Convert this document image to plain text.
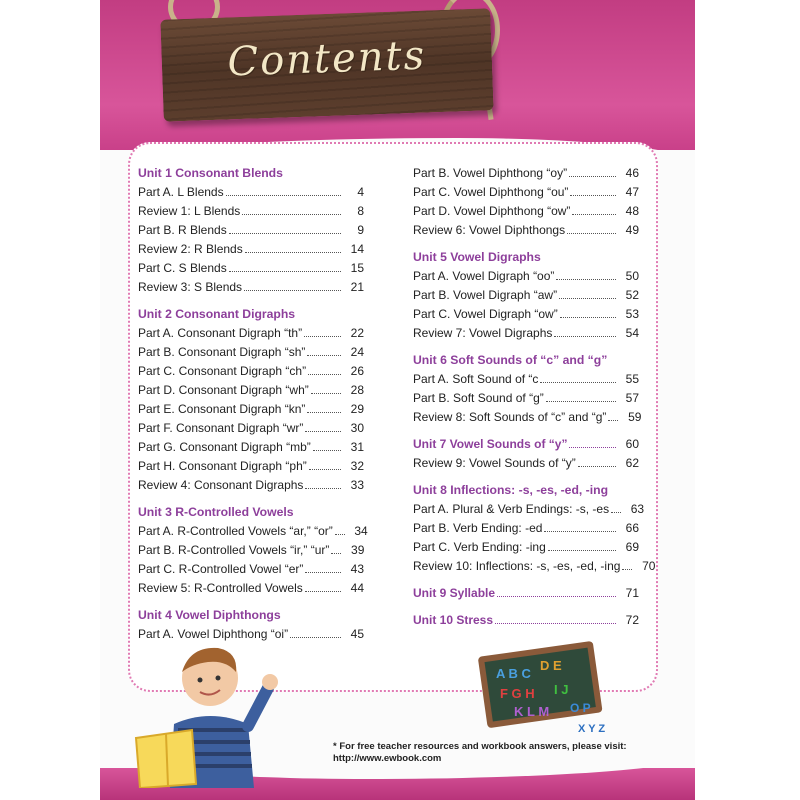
Contents
Unit 1 Consonant Blends
Part A. L Blends	4
Review 1: L Blends	8
Part B. R Blends	9
Review 2: R Blends	14
Part C. S Blends	15
Review 3: S Blends	21
Unit 2 Consonant Digraphs
Part A. Consonant Digraph “th”	22
Part B. Consonant Digraph “sh”	24
Part C. Consonant Digraph “ch”	26
Part D. Consonant Digraph “wh”	28
Part E. Consonant Digraph “kn”	29
Part F. Consonant Digraph “wr”	30
Part G. Consonant Digraph “mb”	31
Part H. Consonant Digraph “ph”	32
Review 4: Consonant Digraphs	33
Unit 3 R-Controlled Vowels
Part A. R-Controlled Vowels “ar,” “or”	34
Part B. R-Controlled Vowels “ir,” “ur”	39
Part C. R-Controlled Vowel “er”	43
Review 5: R-Controlled Vowels	44
Unit 4 Vowel Diphthongs
Part A. Vowel Diphthong “oi”	45
Part B. Vowel Diphthong “oy”	46
Part C. Vowel Diphthong “ou”	47
Part D. Vowel Diphthong “ow”	48
Review 6: Vowel Diphthongs	49
Unit 5 Vowel Digraphs
Part A. Vowel Digraph “oo”	50
Part B. Vowel Digraph “aw”	52
Part C. Vowel Digraph “ow”	53
Review 7: Vowel Digraphs	54
Unit 6 Soft Sounds of “c” and “g”
Part A. Soft Sound of “c	55
Part B. Soft Sound of “g”	57
Review 8: Soft Sounds of “c” and “g”	59
Unit 7 Vowel Sounds of “y”	60
Review 9: Vowel Sounds of “y”	62
Unit 8 Inflections: -s, -es, -ed, -ing
Part A. Plural & Verb Endings: -s, -es	63
Part B. Verb Ending: -ed	66
Part C. Verb Ending: -ing	69
Review 10: Inflections: -s, -es, -ed, -ing	70
Unit 9 Syllable	71
Unit 10 Stress	72
A B C
D E
F G H I J
K L M O P
X Y Z
* For free teacher resources and workbook answers, please visit:
http://www.ewbook.com
